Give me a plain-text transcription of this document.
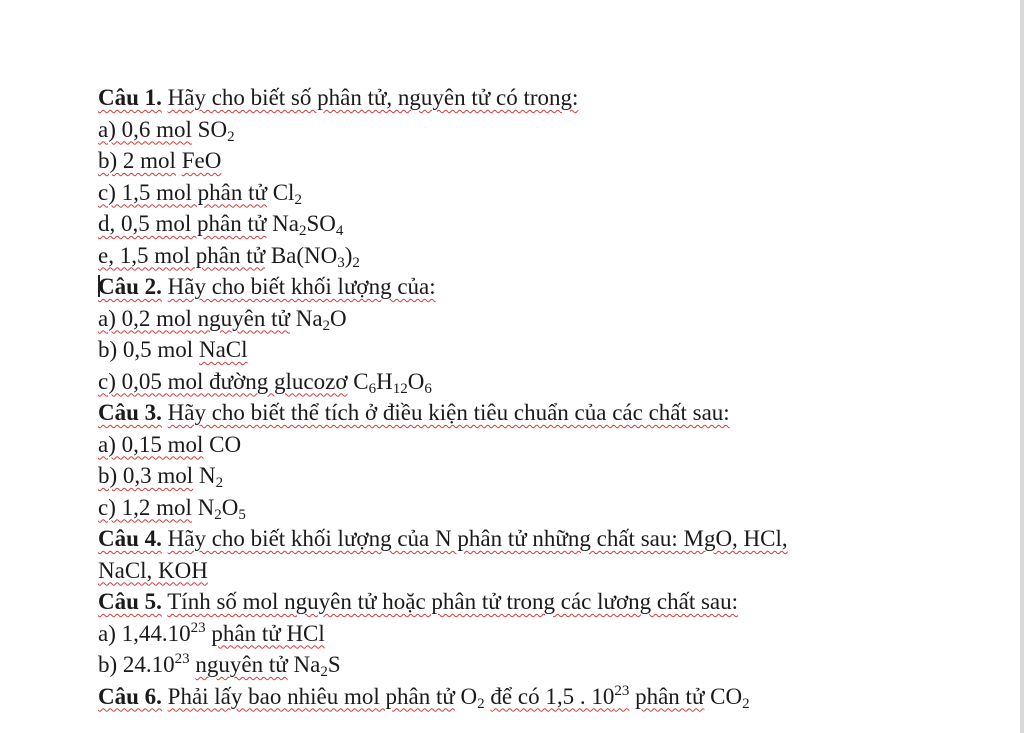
Câu 1. Hãy cho biết số phân tử, nguyên tử có trong:
a) 0,6 mol $SO_2$
b) 2 mol FeO
c) 1,5 mol phân tử $Cl_2$
d, 0,5 mol phân tử $Na_2SO_4$
e, 1,5 mol phân tử $Ba(NO_3)_2$
Câu 2. Hãy cho biết khối lượng của:
a) 0,2 mol nguyên tử $Na_2O$
b) 0,5 mol NaCl
c) 0,05 mol đường glucozơ $C_6H_{12}O_6$
Câu 3. Hãy cho biết thể tích ở điều kiện tiêu chuẩn của các chất sau:
a) 0,15 mol CO
b) 0,3 mol $N_2$
c) 1,2 mol $N_2O_5$
Câu 4. Hãy cho biết khối lượng của N phân tử những chất sau: MgO, HCl,
NaCl, KOH
Câu 5. Tính số mol nguyên tử hoặc phân tử trong các lương chất sau:
a) 1,44.10$^{23}$ phân tử HCl
b) 24.10$^{23}$ nguyên tử $Na_2S$
Câu 6. Phải lấy bao nhiêu mol phân tử $O_2$ để có 1,5 . $10^{23}$ phân tử $CO_2$
